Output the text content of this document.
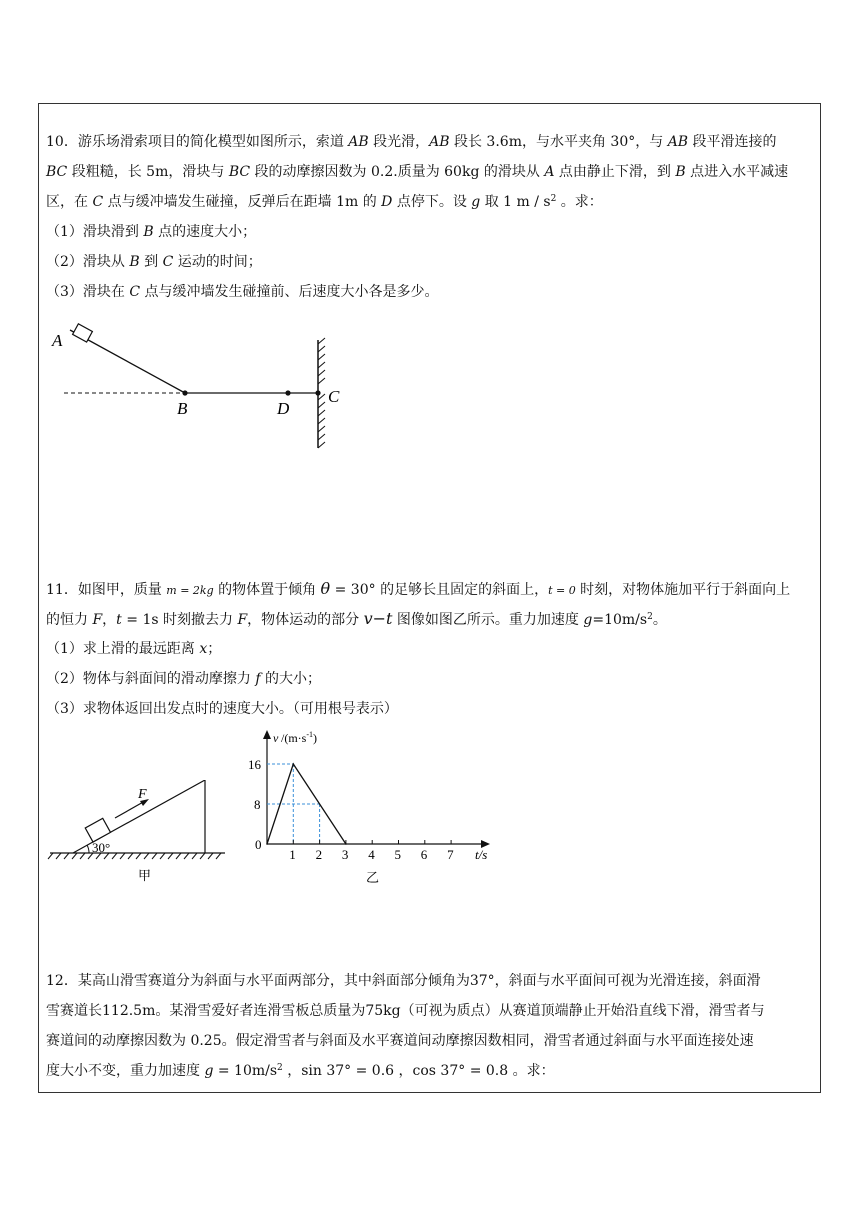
10．游乐场滑索项目的简化模型如图所示，索道 AB 段光滑，AB 段长 3.6m，与水平夹角 30°，与 AB 段平滑连接的
BC 段粗糙，长 5m，滑块与 BC 段的动摩擦因数为 0.2.质量为 60kg 的滑块从 A 点由静止下滑，到 B 点进入水平减速
区，在 C 点与缓冲墙发生碰撞，反弹后在距墙 1m 的 D 点停下。设 g 取 1 m / $s^2$ 。求：
（1）滑块滑到 B 点的速度大小；
（2）滑块从 B 到 C 运动的时间；
（3）滑块在 C 点与缓冲墙发生碰撞前、后速度大小各是多少。
A
B	D
C
11．如图甲，质量 m = 2kg 的物体置于倾角 θ = 30° 的足够长且固定的斜面上，t = 0 时刻，对物体施加平行于斜面向上
的恒力 F，t = 1s 时刻撤去力 F，物体运动的部分 v−t 图像如图乙所示。重力加速度 $g=10m/s^2$。
（1）求上滑的最远距离 x；
（2）物体与斜面间的滑动摩擦力 f 的大小；
（3）求物体返回出发点时的速度大小。（可用根号表示）
F
30°
甲
1 2 3 4 5 6 7
8
16
v $/(m\cdot s^{-1})$
t/s
0
乙
12．某高山滑雪赛道分为斜面与水平面两部分，其中斜面部分倾角为37°，斜面与水平面间可视为光滑连接，斜面滑
雪赛道长112.5m。某滑雪爱好者连滑雪板总质量为75kg（可视为质点）从赛道顶端静止开始沿直线下滑，滑雪者与
赛道间的动摩擦因数为 0.25。假定滑雪者与斜面及水平赛道间动摩擦因数相同，滑雪者通过斜面与水平面连接处速
度大小不变，重力加速度 $g = 10m/s^2$ ，sin 37° = 0.6 ，cos 37° = 0.8 。求：
